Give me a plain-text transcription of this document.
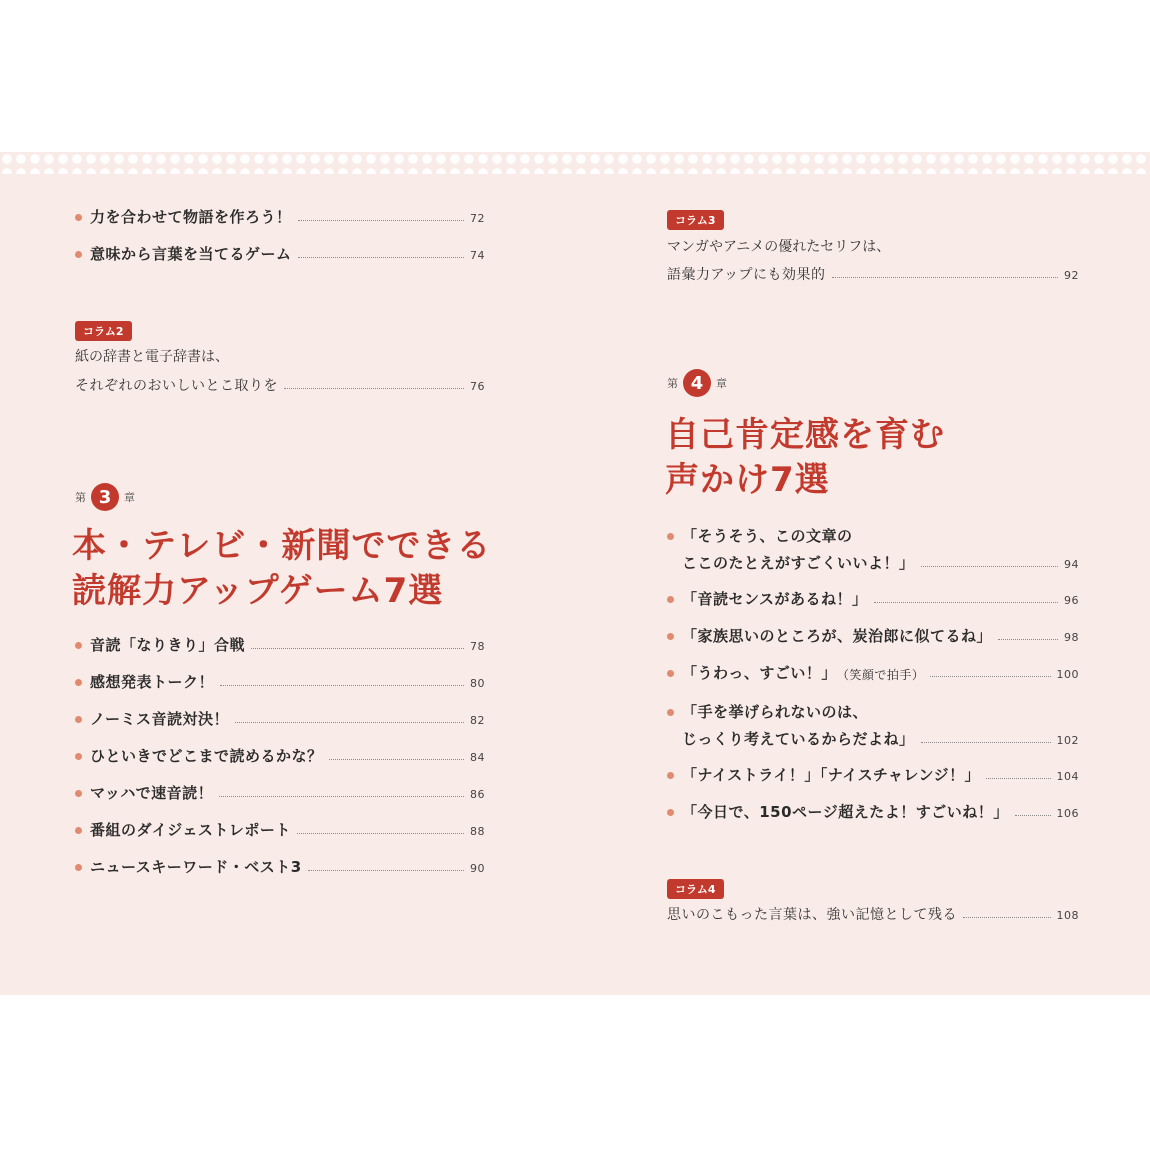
力を合わせて物語を作ろう！	72
意味から言葉を当てるゲーム	74
コラム2
紙の辞書と電子辞書は、
それぞれのおいしいとこ取りを	76
第 3	章
本・テレビ・新聞でできる
読解力アップゲーム7選
音読「なりきり」合戦	78
感想発表トーク！	80
ノーミス音読対決！	82
ひといきでどこまで読めるかな？	84
マッハで速音読！	86
番組のダイジェストレポート	88
ニュースキーワード・ベスト3	90
コラム3
マンガやアニメの優れたセリフは、
語彙力アップにも効果的	92
第 4	章
自己肯定感を育む
声かけ7選
「そうそう、この文章の
ここのたとえがすごくいいよ！」	94
「音読センスがあるね！」	96
「家族思いのところが、炭治郎に似てるね」	98
「うわっ、すごい！」 （笑顔で拍手）	100
「手を挙げられないのは、
じっくり考えているからだよね」	102
「ナイストライ！」「ナイスチャレンジ！」	104
「今日で、150ページ超えたよ！すごいね！」	106
コラム4
思いのこもった言葉は、強い記憶として残る	108
